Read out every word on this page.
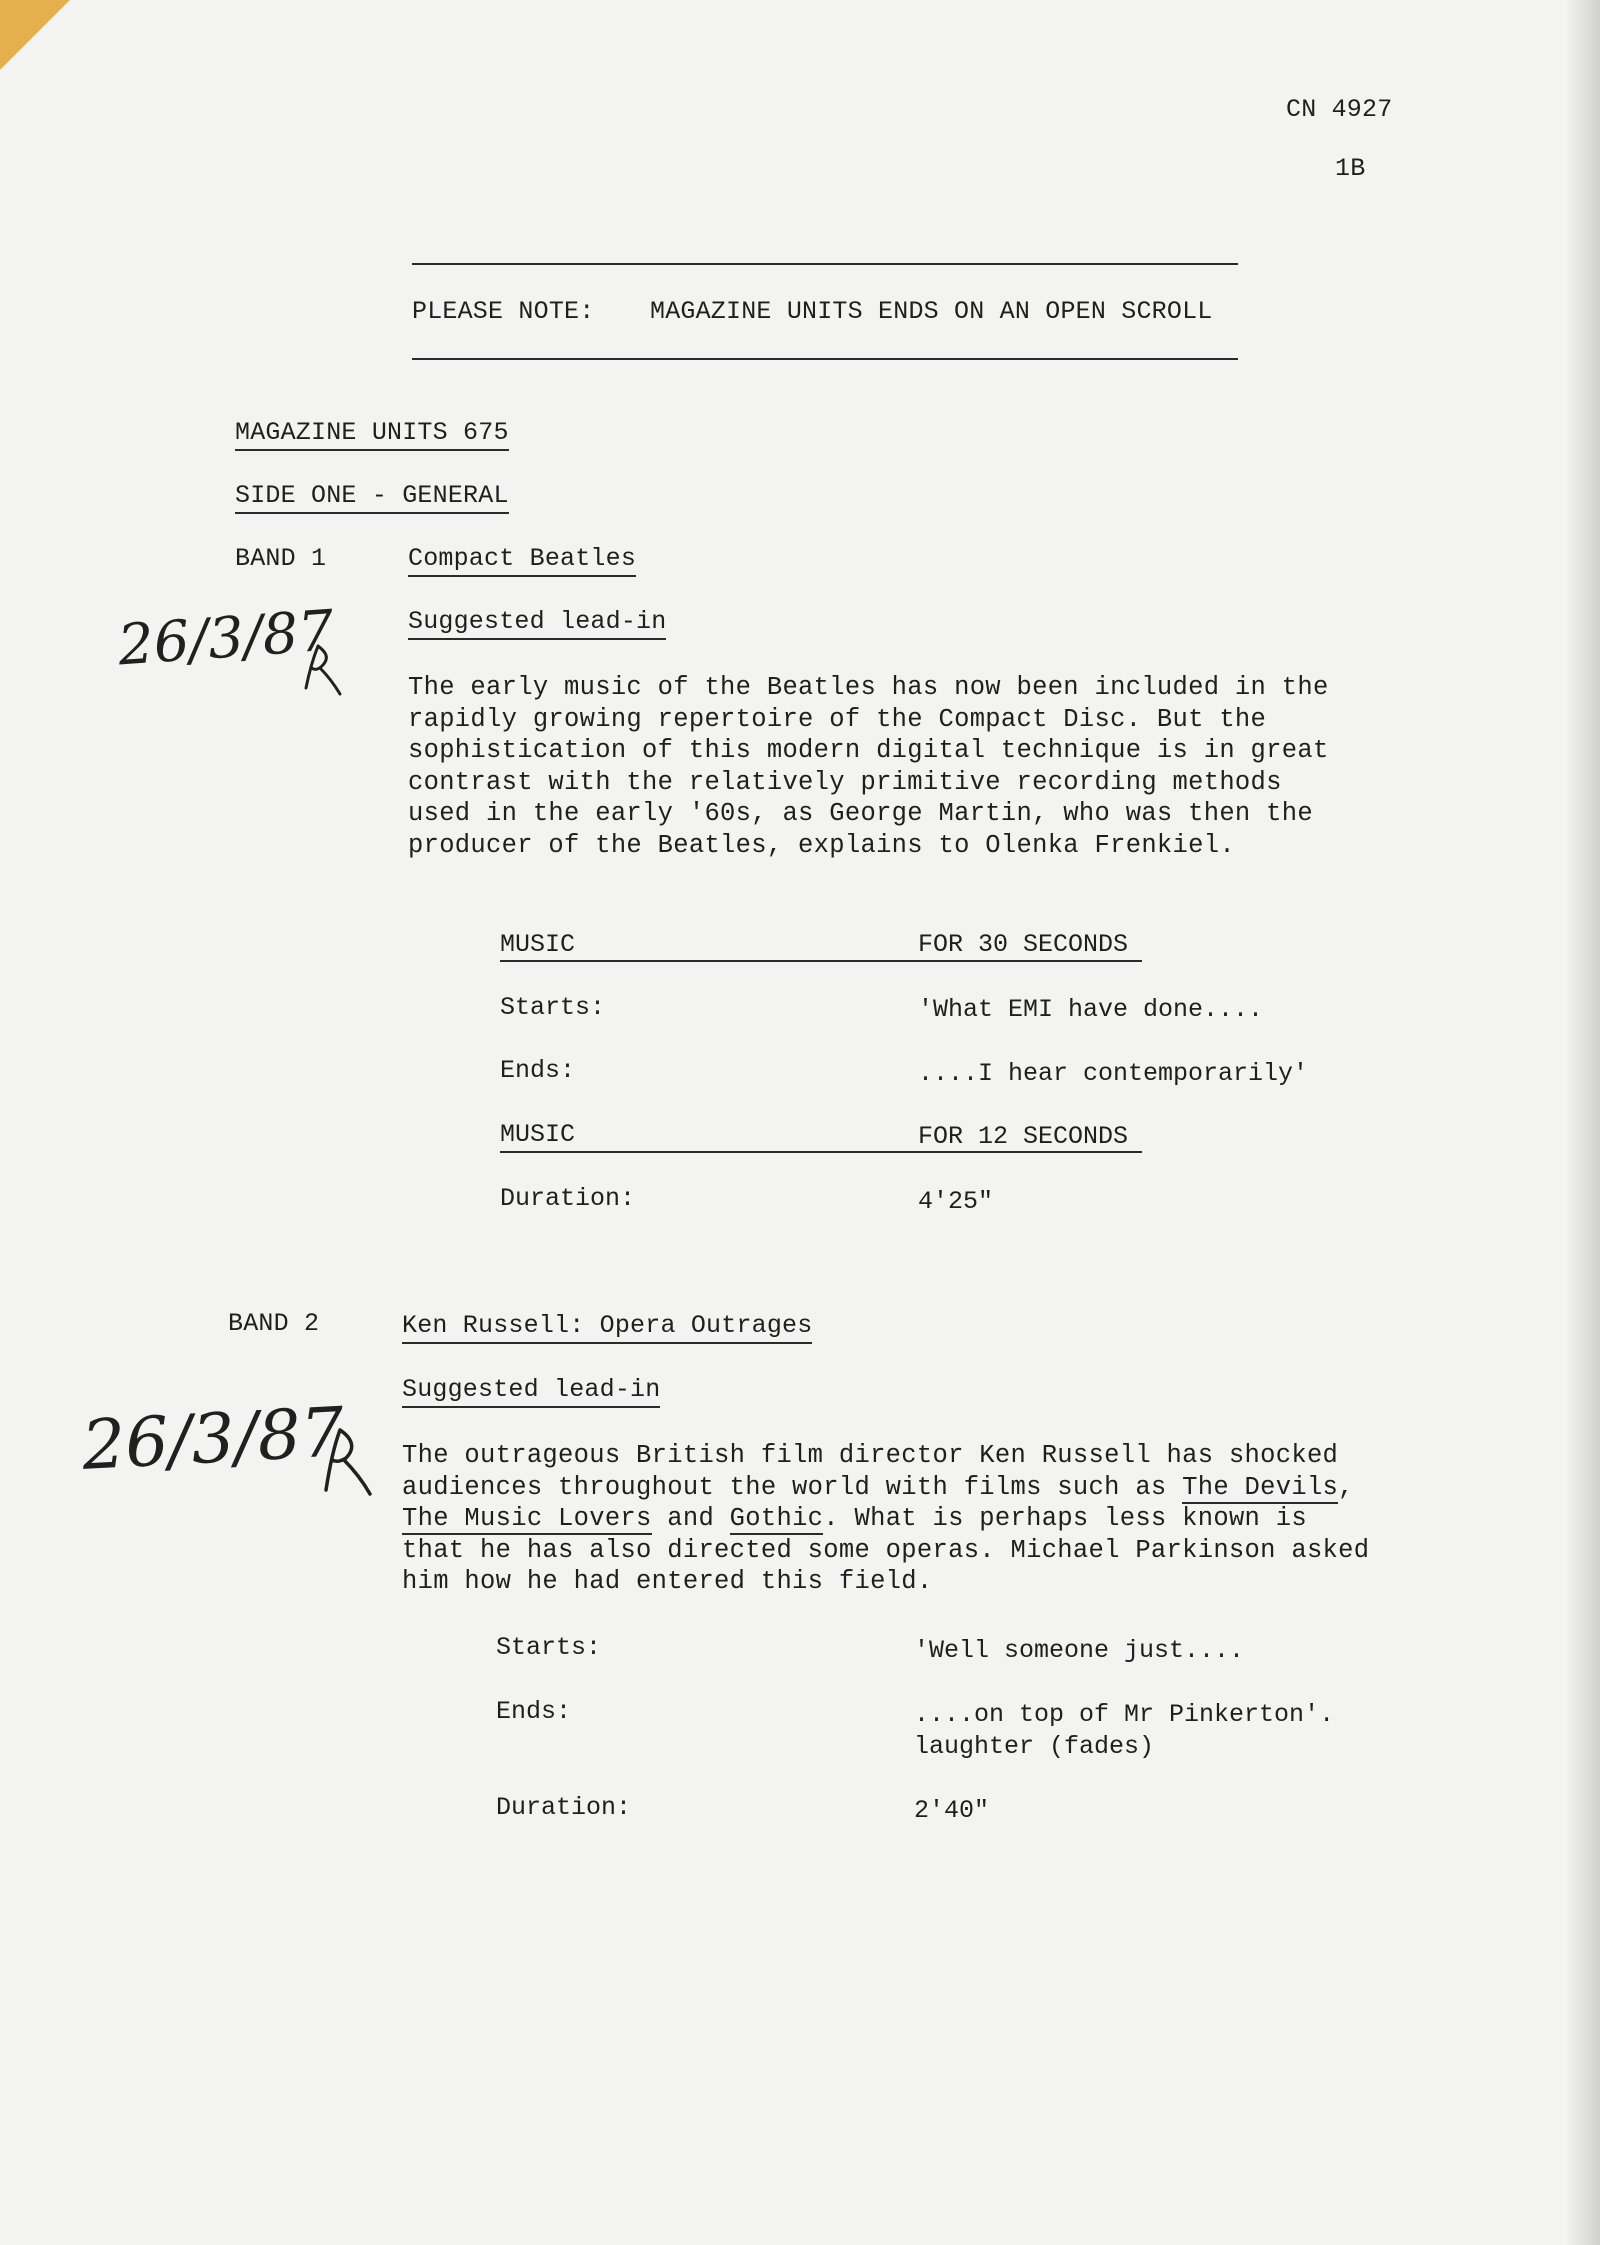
CN 4927
1B
PLEASE NOTE: MAGAZINE UNITS ENDS ON AN OPEN SCROLL
MAGAZINE UNITS 675
SIDE ONE - GENERAL
BAND 1	Compact Beatles
Suggested lead-in
26/3/87
The early music of the Beatles has now been included in the rapidly growing repertoire of the Compact Disc. But the sophistication of this modern digital technique is in great contrast with the relatively primitive recording methods used in the early '60s, as George Martin, who was then the producer of the Beatles, explains to Olenka Frenkiel.
MUSIC	FOR 30 SECONDS
Starts:	'What EMI have done....
Ends:	....I hear contemporarily'
MUSIC	FOR 12 SECONDS
Duration:	4'25"
BAND 2	Ken Russell: Opera Outrages
Suggested lead-in
26/3/87 The outrageous British film director Ken Russell has shocked audiences throughout the world with films such as The Devils, The Music Lovers and Gothic. What is perhaps less known is that he has also directed some operas. Michael Parkinson asked him how he had entered this field.
Starts:	'Well someone just....
Ends:	....on top of Mr Pinkerton'.
laughter (fades)
Duration:	2'40"
